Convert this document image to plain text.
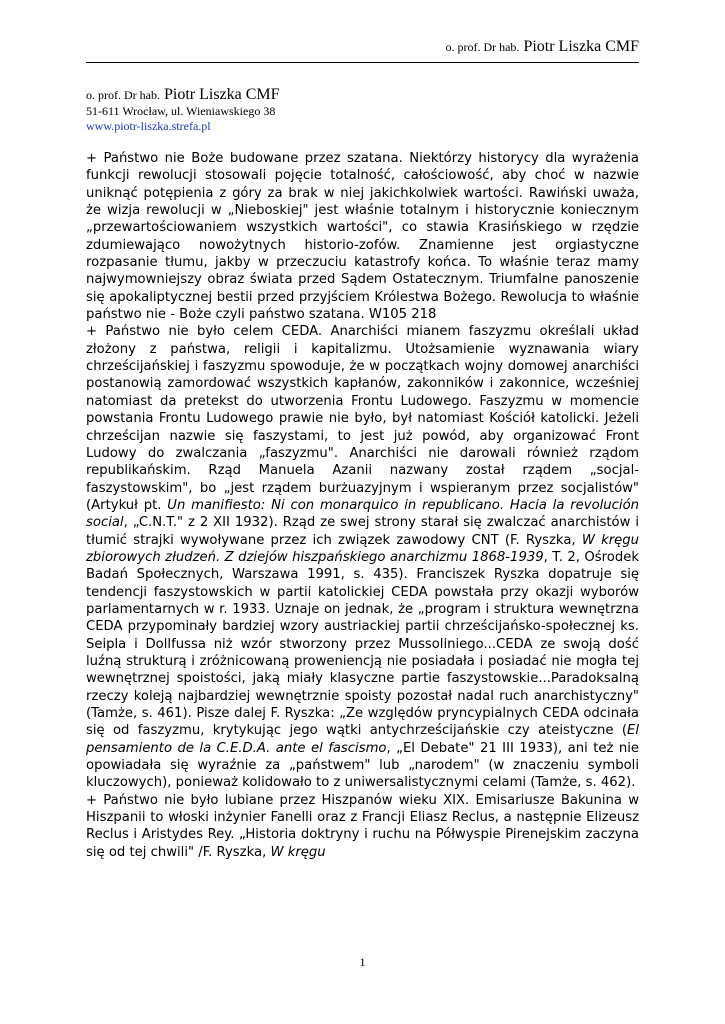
o. prof. Dr hab. Piotr Liszka CMF
o. prof. Dr hab. Piotr Liszka CMF
51-611 Wrocław, ul. Wieniawskiego 38
www.piotr-liszka.strefa.pl

+ Państwo nie Boże budowane przez szatana. Niektórzy historycy dla wyrażenia funkcji rewolucji stosowali pojęcie totalność, całościowość, aby choć w nazwie uniknąć potępienia z góry za brak w niej jakichkolwiek wartości. Rawiński uważa, że wizja rewolucji w „Nieboskiej" jest właśnie totalnym i historycznie koniecznym „przewartościowaniem wszystkich wartości", co stawia Krasińskiego w rzędzie zdumiewająco nowożytnych historio-zofów. Znamienne jest orgiastyczne rozpasanie tłumu, jakby w przeczuciu katastrofy końca. To właśnie teraz mamy najwymowniejszy obraz świata przed Sądem Ostatecznym. Triumfalne panoszenie się apokaliptycznej bestii przed przyjściem Królestwa Bożego. Rewolucja to właśnie państwo nie - Boże czyli państwo szatana. W105 218

+ Państwo nie było celem CEDA. Anarchiści mianem faszyzmu określali układ złożony z państwa, religii i kapitalizmu. Utożsamienie wyznawania wiary chrześcijańskiej i faszyzmu spowoduje, że w początkach wojny domowej anarchiści postanowią zamordować wszystkich kapłanów, zakonników i zakonnice, wcześniej natomiast da pretekst do utworzenia Frontu Ludowego. Faszyzmu w momencie powstania Frontu Ludowego prawie nie było, był natomiast Kościół katolicki. Jeżeli chrześcijan nazwie się faszystami, to jest już powód, aby organizować Front Ludowy do zwalczania „faszyzmu". Anarchiści nie darowali również rządom republikańskim. Rząd Manuela Azanii nazwany został rządem „socjal-faszystowskim", bo „jest rządem burżuazyjnym i wspieranym przez socjalistów" (Artykuł pt. Un manifiesto: Ni con monarquico in republicano. Hacia la revolución social, „C.N.T." z 2 XII 1932). Rząd ze swej strony starał się zwalczać anarchistów i tłumić strajki wywoływane przez ich związek zawodowy CNT (F. Ryszka, W kręgu zbiorowych złudzeń. Z dziejów hiszpańskiego anarchizmu 1868-1939, T. 2, Ośrodek Badań Społecznych, Warszawa 1991, s. 435). Franciszek Ryszka dopatruje się tendencji faszystowskich w partii katolickiej CEDA powstała przy okazji wyborów parlamentarnych w r. 1933. Uznaje on jednak, że „program i struktura wewnętrzna CEDA przypominały bardziej wzory austriackiej partii chrześcijańsko-społecznej ks. Seipla i Dollfussa niż wzór stworzony przez Mussoliniego...CEDA ze swoją dość luźną strukturą i zróżnicowaną proweniencją nie posiadała i posiadać nie mogła tej wewnętrznej spoistości, jaką miały klasyczne partie faszystowskie...Paradoksalną rzeczy koleją najbardziej wewnętrznie spoisty pozostał nadal ruch anarchistyczny" (Tamże, s. 461). Pisze dalej F. Ryszka: „Ze względów pryncypialnych CEDA odcinała się od faszyzmu, krytykując jego wątki antychrześcijańskie czy ateistyczne (El pensamiento de la C.E.D.A. ante el fascismo, „El Debate" 21 III 1933), ani też nie opowiadała się wyraźnie za „państwem" lub „narodem" (w znaczeniu symboli kluczowych), ponieważ kolidowało to z uniwersalistycznymi celami (Tamże, s. 462).

+ Państwo nie było lubiane przez Hiszpanów wieku XIX. Emisariusze Bakunina w Hiszpanii to włoski inżynier Fanelli oraz z Francji Eliasz Reclus, a następnie Elizeusz Reclus i Aristydes Rey. „Historia doktryny i ruchu na Półwyspie Pirenejskim zaczyna się od tej chwili" /F. Ryszka, W kręgu

1
